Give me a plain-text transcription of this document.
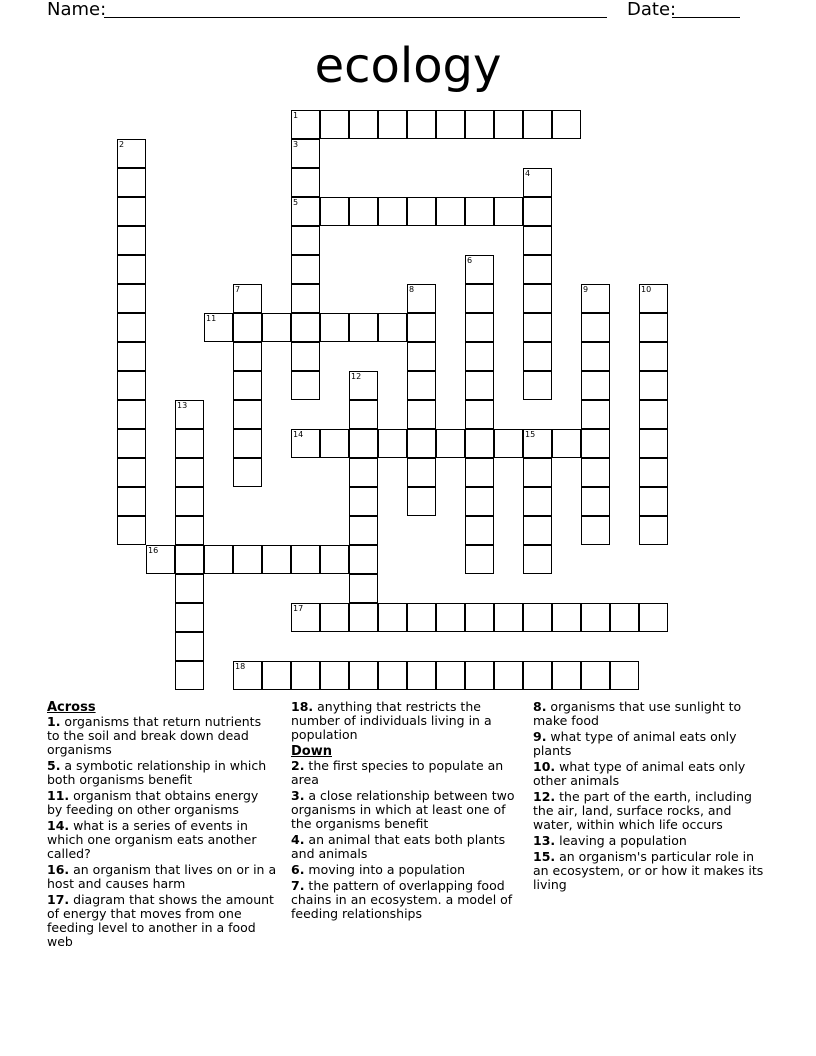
Name:	Date:
ecology
1
2	3
5
4
6
7	8	9	10
11
12
13
14	15
16
17
18
Across
1. organisms that return nutrients to the soil and break down dead organisms
5. a symbotic relationship in which both organisms benefit
11. organism that obtains energy by feeding on other organisms
14. what is a series of events in which one organism eats another called?
16. an organism that lives on or in a host and causes harm
17. diagram that shows the amount of energy that moves from one feeding level to another in a food web
18. anything that restricts the number of individuals living in a population
Down
2. the first species to populate an area
3. a close relationship between two organisms in which at least one of the organisms benefit
4. an animal that eats both plants and animals
6. moving into a population
7. the pattern of overlapping food chains in an ecosystem. a model of feeding relationships
8. organisms that use sunlight to make food
9. what type of animal eats only plants
10. what type of animal eats only other animals
12. the part of the earth, including the air, land, surface rocks, and water, within which life occurs
13. leaving a population
15. an organism's particular role in an ecosystem, or or how it makes its living
